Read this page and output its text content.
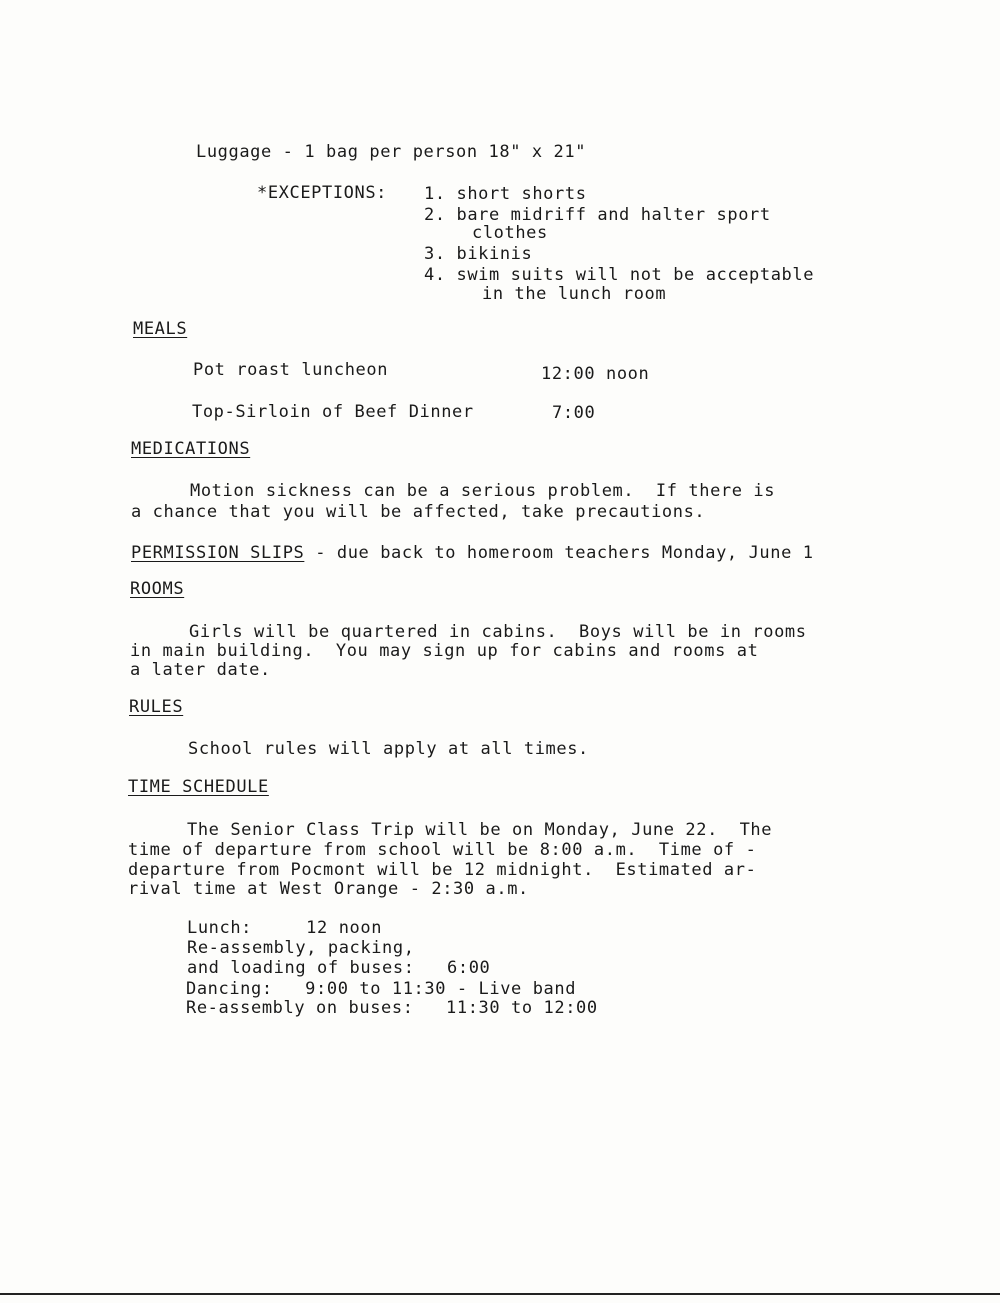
Luggage - 1 bag per person 18" x 21"
*EXCEPTIONS: 1. short shorts
2. bare midriff and halter sport
clothes
3. bikinis
4. swim suits will not be acceptable
in the lunch room
MEALS
Pot roast luncheon	12:00 noon
Top-Sirloin of Beef Dinner	7:00
MEDICATIONS
Motion sickness can be a serious problem.  If there is
a chance that you will be affected, take precautions.
PERMISSION SLIPS - due back to homeroom teachers Monday, June 1
ROOMS
Girls will be quartered in cabins.  Boys will be in rooms
in main building.  You may sign up for cabins and rooms at
a later date.
RULES
School rules will apply at all times.
TIME SCHEDULE
The Senior Class Trip will be on Monday, June 22.  The
time of departure from school will be 8:00 a.m.  Time of -
departure from Pocmont will be 12 midnight.  Estimated ar-
rival time at West Orange - 2:30 a.m.
Lunch:     12 noon
Re-assembly, packing,
and loading of buses:   6:00
Dancing:   9:00 to 11:30 - Live band
Re-assembly on buses:   11:30 to 12:00
